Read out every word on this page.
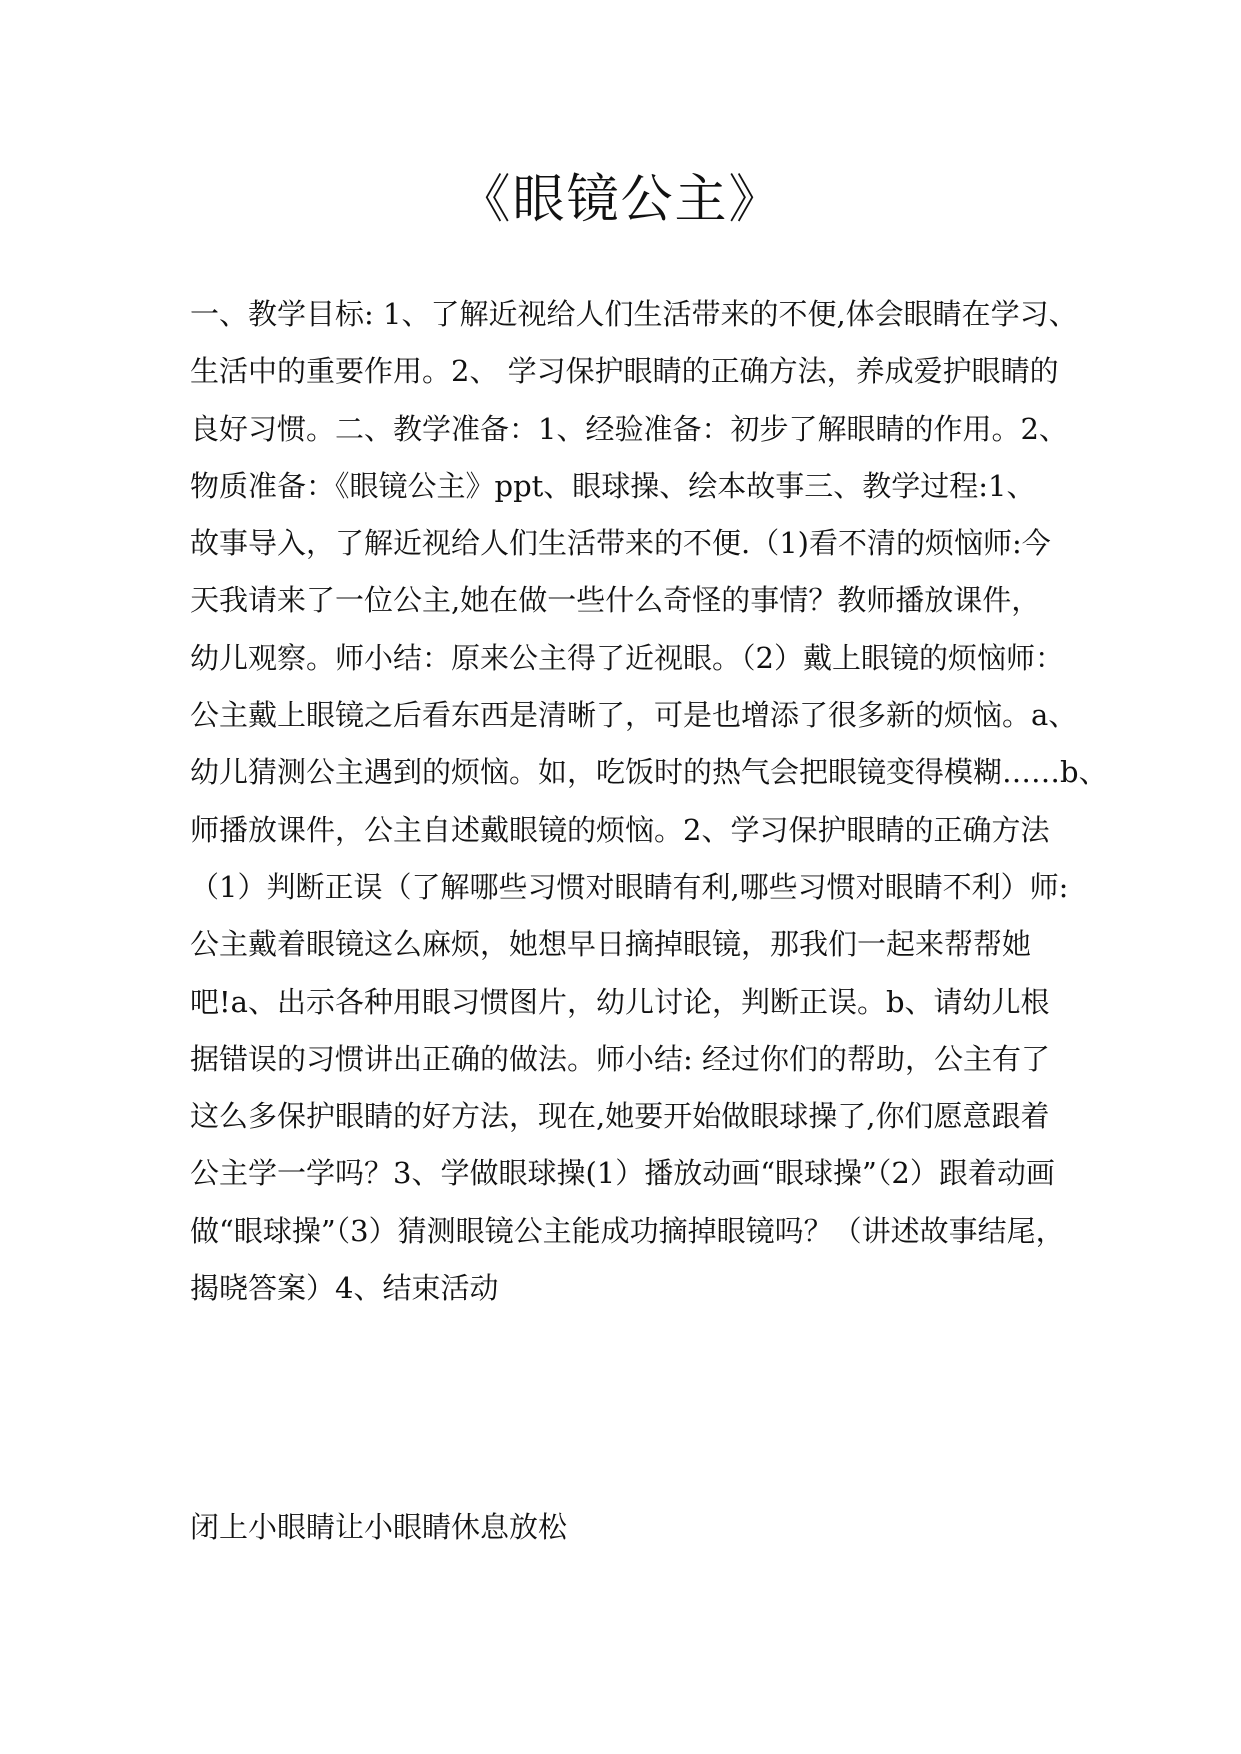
《眼镜公主》

一、教学目标: 1、了解近视给人们生活带来的不便,体会眼睛在学习、
生活中的重要作用。2、 学习保护眼睛的正确方法，养成爱护眼睛的
良好习惯。二、教学准备：1、经验准备：初步了解眼睛的作用。2、
物质准备：《眼镜公主》ppt、眼球操、绘本故事三、教学过程:1、
故事导入，了解近视给人们生活带来的不便.（1)看不清的烦恼师:今
天我请来了一位公主,她在做一些什么奇怪的事情？教师播放课件，
幼儿观察。师小结：原来公主得了近视眼。（2）戴上眼镜的烦恼师：
公主戴上眼镜之后看东西是清晰了，可是也增添了很多新的烦恼。a、
幼儿猜测公主遇到的烦恼。如，吃饭时的热气会把眼镜变得模糊……b、
师播放课件，公主自述戴眼镜的烦恼。2、学习保护眼睛的正确方法
（1）判断正误（了解哪些习惯对眼睛有利,哪些习惯对眼睛不利）师:
公主戴着眼镜这么麻烦，她想早日摘掉眼镜，那我们一起来帮帮她
吧!a、出示各种用眼习惯图片，幼儿讨论，判断正误。b、请幼儿根
据错误的习惯讲出正确的做法。师小结: 经过你们的帮助，公主有了
这么多保护眼睛的好方法，现在,她要开始做眼球操了,你们愿意跟着
公主学一学吗？3、学做眼球操(1）播放动画“眼球操”（2）跟着动画
做“眼球操”（3）猜测眼镜公主能成功摘掉眼镜吗？（讲述故事结尾，
揭晓答案）4、结束活动

闭上小眼睛让小眼睛休息放松
